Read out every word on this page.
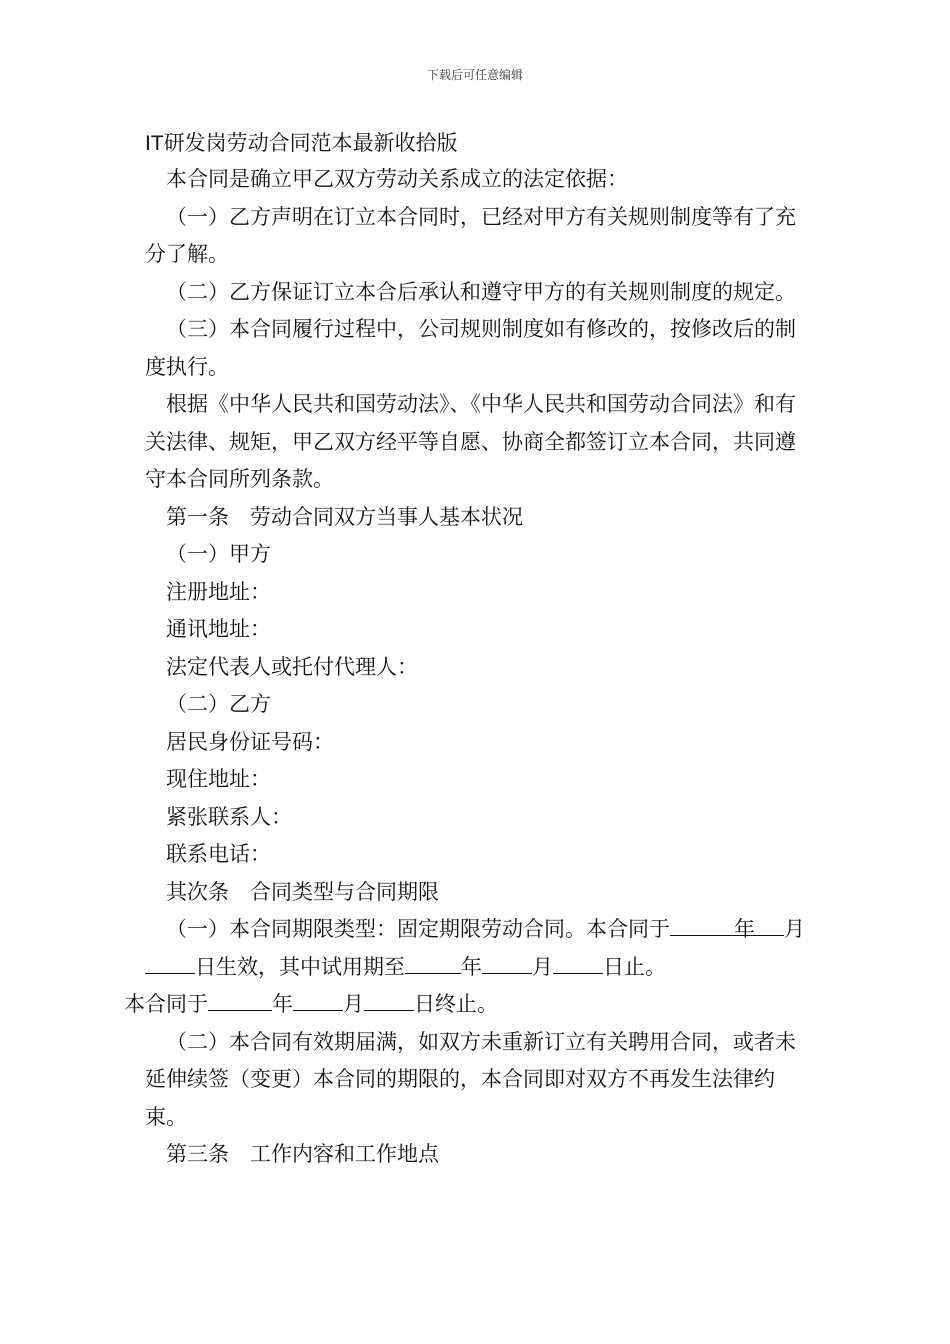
下载后可任意编辑
IT研发岗劳动合同范本最新收拾版

本合同是确立甲乙双方劳动关系成立的法定依据：

（一）乙方声明在订立本合同时，已经对甲方有关规则制度等有了充分了解。

（二）乙方保证订立本合后承认和遵守甲方的有关规则制度的规定。

（三）本合同履行过程中，公司规则制度如有修改的，按修改后的制度执行。

根据《中华人民共和国劳动法》、《中华人民共和国劳动合同法》和有关法律、规矩，甲乙双方经平等自愿、协商全都签订立本合同，共同遵守本合同所列条款。

第一条　劳动合同双方当事人基本状况

（一）甲方

注册地址：

通讯地址：

法定代表人或托付代理人：

（二）乙方

居民身份证号码：

现住地址：

紧张联系人：

联系电话：

其次条　合同类型与合同期限

（一）本合同期限类型：固定期限劳动合同。本合同于	年 月日生效，其中试用期至	年 月 日止。
本合同于	年 月 日终止。

（二）本合同有效期届满，如双方未重新订立有关聘用合同，或者未延伸续签（变更）本合同的期限的，本合同即对双方不再发生法律约束。

第三条　工作内容和工作地点
